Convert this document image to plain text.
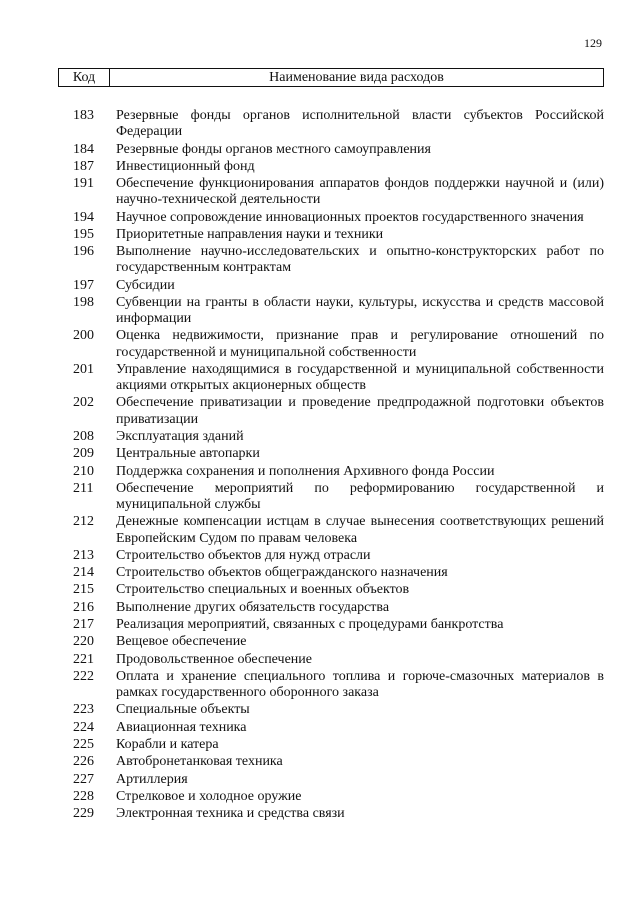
129
Код	Наименование вида расходов
183	Резервные фонды органов исполнительной власти субъектов Российской Федерации
184	Резервные фонды органов местного самоуправления
187	Инвестиционный фонд
191	Обеспечение функционирования аппаратов фондов поддержки научной и (или) научно-технической деятельности
194	Научное сопровождение инновационных проектов государственного значения
195	Приоритетные направления науки и техники
196	Выполнение научно-исследовательских и опытно-конструкторских работ по государственным контрактам
197	Субсидии
198	Субвенции на гранты в области науки, культуры, искусства и средств массовой информации
200	Оценка недвижимости, признание прав и регулирование отношений по государственной и муниципальной собственности
201	Управление находящимися в государственной и муниципальной собственности акциями открытых акционерных обществ
202	Обеспечение приватизации и проведение предпродажной подготовки объектов приватизации
208	Эксплуатация зданий
209	Центральные автопарки
210	Поддержка сохранения и пополнения Архивного фонда России
211	Обеспечение мероприятий по реформированию государственной и муниципальной службы
212	Денежные компенсации истцам в случае вынесения соответствующих решений Европейским Судом по правам человека
213	Строительство объектов для нужд отрасли
214	Строительство объектов общегражданского назначения
215	Строительство специальных и военных объектов
216	Выполнение других обязательств государства
217	Реализация мероприятий, связанных с процедурами банкротства
220	Вещевое обеспечение
221	Продовольственное обеспечение
222	Оплата и хранение специального топлива и горюче-смазочных материалов в рамках государственного оборонного заказа
223	Специальные объекты
224	Авиационная техника
225	Корабли и катера
226	Автобронетанковая техника
227	Артиллерия
228	Стрелковое и холодное оружие
229	Электронная техника и средства связи
